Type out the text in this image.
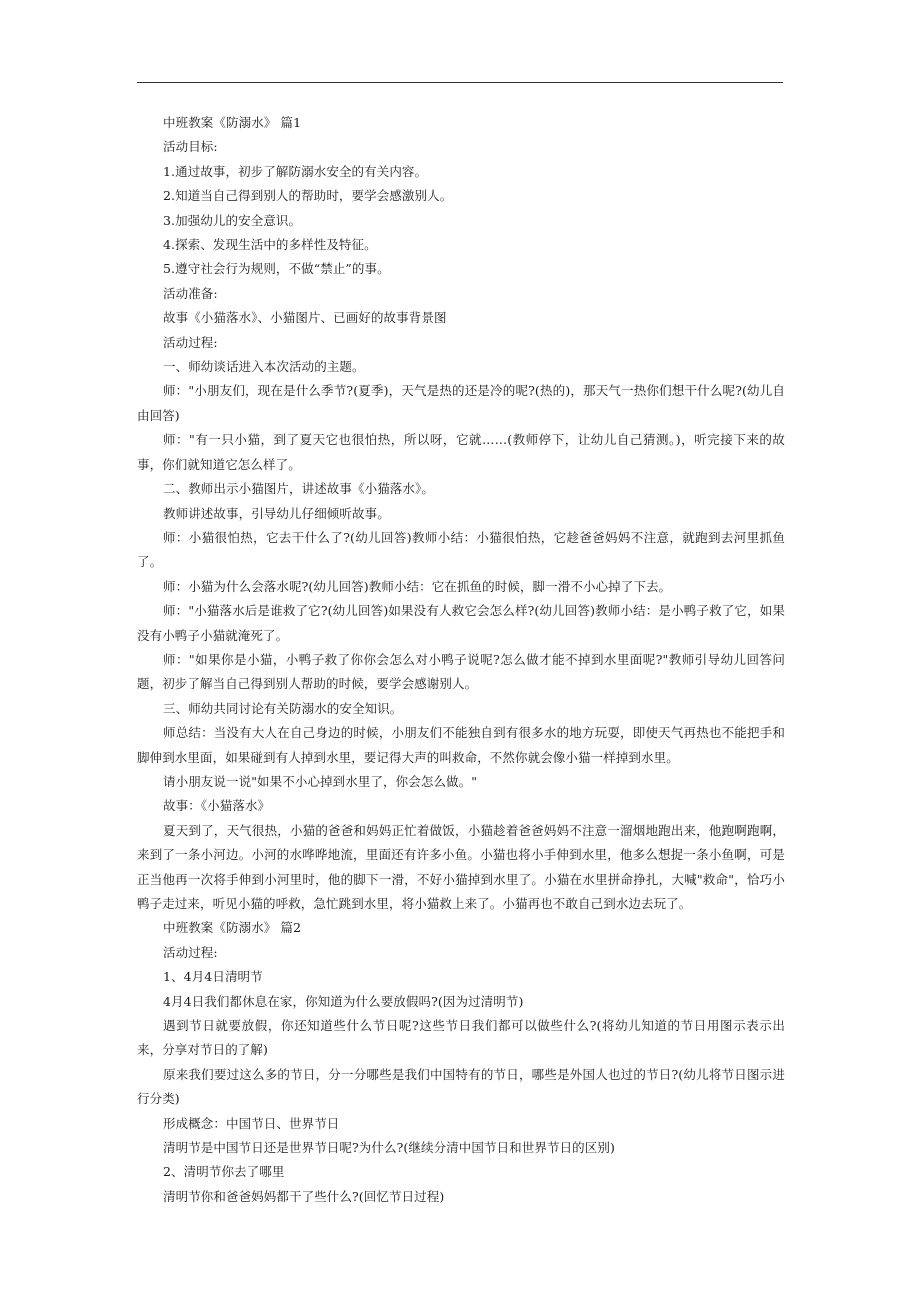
中班教案《防溺水》 篇1

活动目标:

1.通过故事，初步了解防溺水安全的有关内容。

2.知道当自己得到别人的帮助时，要学会感激别人。

3.加强幼儿的安全意识。

4.探索、发现生活中的多样性及特征。

5.遵守社会行为规则，不做“禁止”的事。

活动准备:

故事《小猫落水》、小猫图片、已画好的故事背景图

活动过程:

一、师幼谈话进入本次活动的主题。

师："小朋友们，现在是什么季节?(夏季)，天气是热的还是冷的呢?(热的)，那天气一热你们想干什么呢?(幼儿自由回答)

师："有一只小猫，到了夏天它也很怕热，所以呀，它就……(教师停下，让幼儿自己猜测。)，听完接下来的故事，你们就知道它怎么样了。

二、教师出示小猫图片，讲述故事《小猫落水》。

教师讲述故事，引导幼儿仔细倾听故事。

师：小猫很怕热，它去干什么了?(幼儿回答)教师小结：小猫很怕热，它趁爸爸妈妈不注意，就跑到去河里抓鱼了。

师：小猫为什么会落水呢?(幼儿回答)教师小结：它在抓鱼的时候，脚一滑不小心掉了下去。

师："小猫落水后是谁救了它?(幼儿回答)如果没有人救它会怎么样?(幼儿回答)教师小结：是小鸭子救了它，如果没有小鸭子小猫就淹死了。

师："如果你是小猫，小鸭子救了你你会怎么对小鸭子说呢?怎么做才能不掉到水里面呢?"教师引导幼儿回答问题，初步了解当自己得到别人帮助的时候，要学会感谢别人。

三、师幼共同讨论有关防溺水的安全知识。

师总结：当没有大人在自己身边的时候，小朋友们不能独自到有很多水的地方玩耍，即使天气再热也不能把手和脚伸到水里面，如果碰到有人掉到水里，要记得大声的叫救命，不然你就会像小猫一样掉到水里。

请小朋友说一说"如果不小心掉到水里了，你会怎么做。"

故事：《小猫落水》

夏天到了，天气很热，小猫的爸爸和妈妈正忙着做饭，小猫趁着爸爸妈妈不注意一溜烟地跑出来，他跑啊跑啊，来到了一条小河边。小河的水哗哗地流，里面还有许多小鱼。小猫也将小手伸到水里，他多么想捉一条小鱼啊，可是正当他再一次将手伸到小河里时，他的脚下一滑，不好小猫掉到水里了。小猫在水里拼命挣扎，大喊"救命"，恰巧小鸭子走过来，听见小猫的呼救，急忙跳到水里，将小猫救上来了。小猫再也不敢自己到水边去玩了。

中班教案《防溺水》 篇2

活动过程:

1、4月4日清明节

4月4日我们都休息在家，你知道为什么要放假吗?(因为过清明节)

遇到节日就要放假，你还知道些什么节日呢?这些节日我们都可以做些什么?(将幼儿知道的节日用图示表示出来，分享对节日的了解)

原来我们要过这么多的节日，分一分哪些是我们中国特有的节日，哪些是外国人也过的节日?(幼儿将节日图示进行分类)

形成概念：中国节日、世界节日

清明节是中国节日还是世界节日呢?为什么?(继续分清中国节日和世界节日的区别)

2、清明节你去了哪里

清明节你和爸爸妈妈都干了些什么?(回忆节日过程)
